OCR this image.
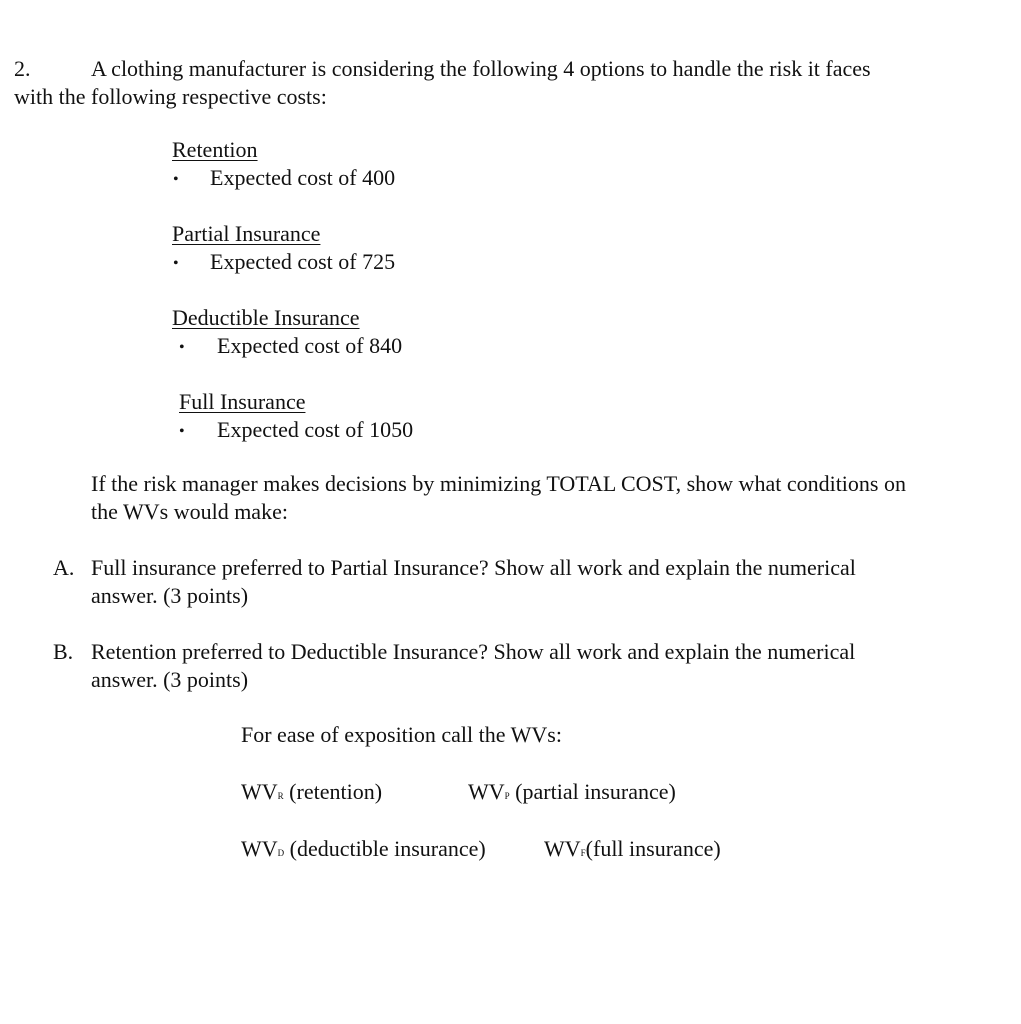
2.	A clothing manufacturer is considering the following 4 options to handle the risk it faces
with the following respective costs:
Retention
• Expected cost of 400
Partial Insurance
• Expected cost of 725
Deductible Insurance
• Expected cost of 840
Full Insurance
• Expected cost of 1050
If the risk manager makes decisions by minimizing TOTAL COST, show what conditions on
the WVs would make:
A. Full insurance preferred to Partial Insurance? Show all work and explain the numerical
answer. (3 points)
B. Retention preferred to Deductible Insurance? Show all work and explain the numerical
answer. (3 points)
For ease of exposition call the WVs:
WVR (retention)	WVP (partial insurance)
WVD (deductible insurance)	WVF(full insurance)
